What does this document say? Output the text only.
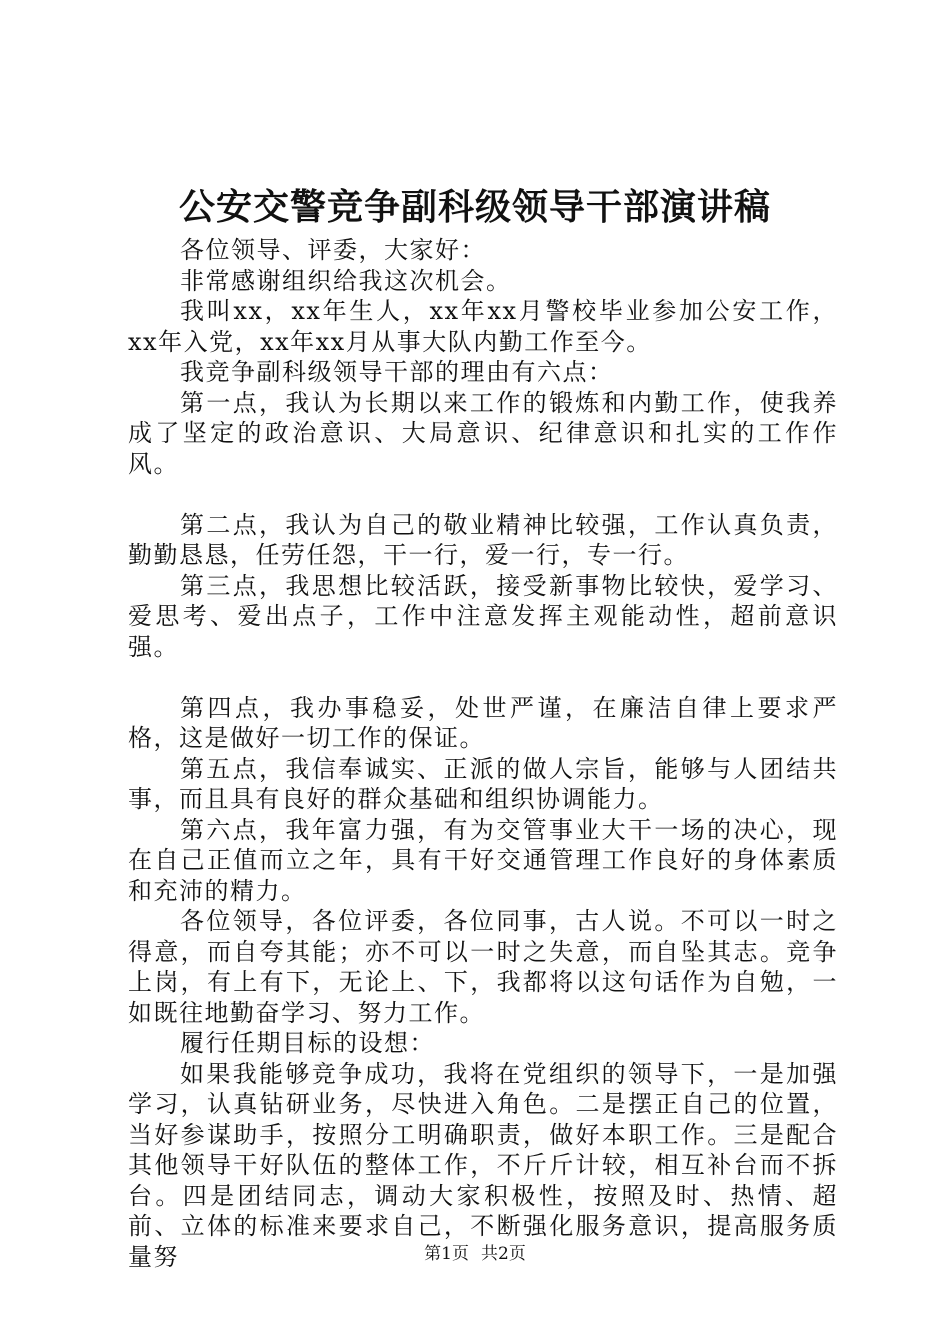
公安交警竞争副科级领导干部演讲稿

各位领导、评委，大家好：

非常感谢组织给我这次机会。

我叫xx，xx年生人，xx年xx月警校毕业参加公安工作，xx年入党，xx年xx月从事大队内勤工作至今。

我竞争副科级领导干部的理由有六点：

第一点，我认为长期以来工作的锻炼和内勤工作，使我养成了坚定的政治意识、大局意识、纪律意识和扎实的工作作风。

第二点，我认为自己的敬业精神比较强，工作认真负责，勤勤恳恳，任劳任怨，干一行，爱一行，专一行。

第三点，我思想比较活跃，接受新事物比较快，爱学习、爱思考、爱出点子，工作中注意发挥主观能动性，超前意识强。

第四点，我办事稳妥，处世严谨，在廉洁自律上要求严格，这是做好一切工作的保证。

第五点，我信奉诚实、正派的做人宗旨，能够与人团结共事，而且具有良好的群众基础和组织协调能力。

第六点，我年富力强，有为交管事业大干一场的决心，现在自己正值而立之年，具有干好交通管理工作良好的身体素质和充沛的精力。

各位领导，各位评委，各位同事，古人说。不可以一时之得意，而自夸其能；亦不可以一时之失意，而自坠其志。竞争上岗，有上有下，无论上、下，我都将以这句话作为自勉，一如既往地勤奋学习、努力工作。

履行任期目标的设想：

如果我能够竞争成功，我将在党组织的领导下，一是加强学习，认真钻研业务，尽快进入角色。二是摆正自己的位置，当好参谋助手，按照分工明确职责，做好本职工作。三是配合其他领导干好队伍的整体工作，不斤斤计较，相互补台而不拆台。四是团结同志，调动大家积极性，按照及时、热情、超前、立体的标准来要求自己，不断强化服务意识，提高服务质量努	第1页 共2页
